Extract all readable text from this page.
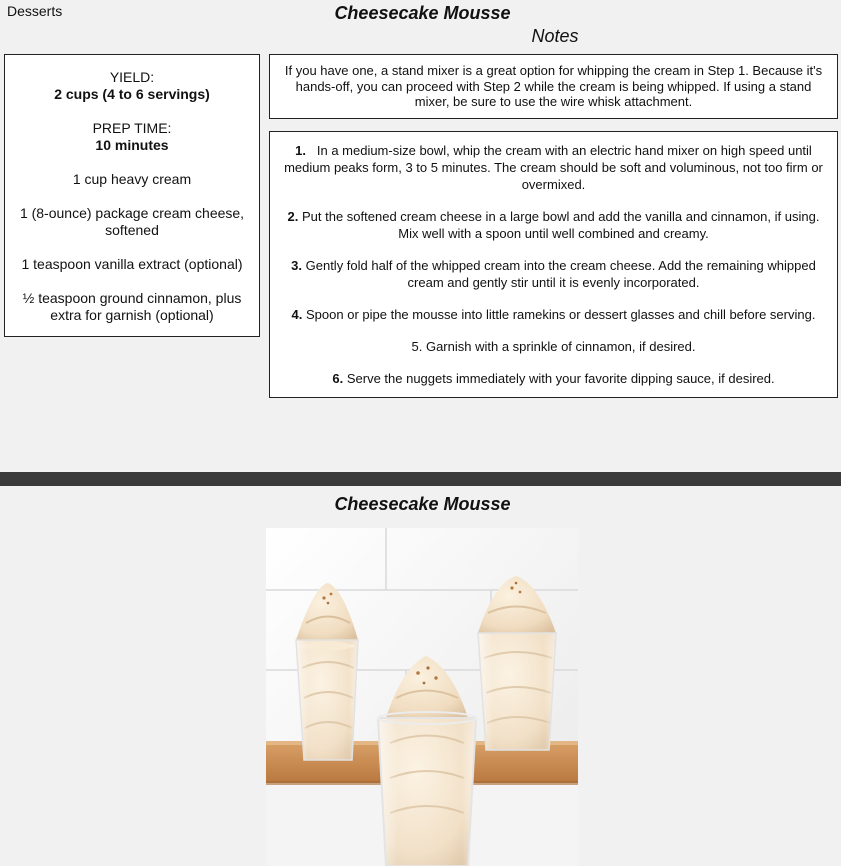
Desserts	Cheesecake Mousse
Notes
YIELD:
2 cups (4 to 6 servings)
PREP TIME:
10 minutes
1 cup heavy cream
1 (8-ounce) package cream cheese, softened
1 teaspoon vanilla extract (optional)
½ teaspoon ground cinnamon, plus extra for garnish (optional)
If you have one, a stand mixer is a great option for whipping the cream in Step 1. Because it's hands-off, you can proceed with Step 2 while the cream is being whipped. If using a stand mixer, be sure to use the wire whisk attachment.
1. In a medium-size bowl, whip the cream with an electric hand mixer on high speed until medium peaks form, 3 to 5 minutes. The cream should be soft and voluminous, not too firm or overmixed.
2. Put the softened cream cheese in a large bowl and add the vanilla and cinnamon, if using. Mix well with a spoon until well combined and creamy.
3. Gently fold half of the whipped cream into the cream cheese. Add the remaining whipped cream and gently stir until it is evenly incorporated.
4. Spoon or pipe the mousse into little ramekins or dessert glasses and chill before serving.
5. Garnish with a sprinkle of cinnamon, if desired.
6. Serve the nuggets immediately with your favorite dipping sauce, if desired.
Cheesecake Mousse
